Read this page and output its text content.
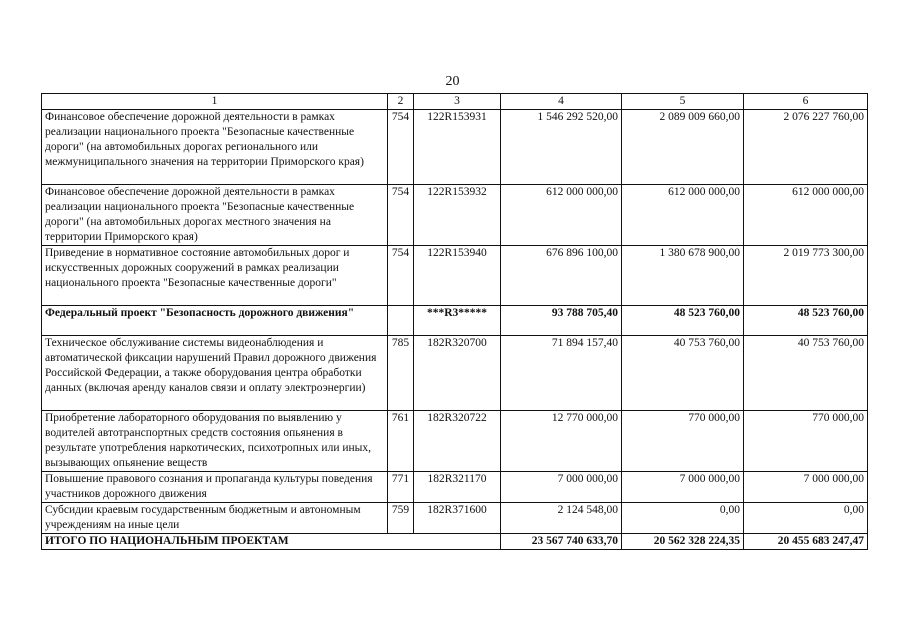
20
1	2	3	4	5	6
Финансовое обеспечение дорожной деятельности в рамках реализации национального проекта "Безопасные качественные дороги" (на автомобильных дорогах регионального или межмуниципального значения на территории Приморского края)	754	122R153931	1 546 292 520,00	2 089 009 660,00	2 076 227 760,00
Финансовое обеспечение дорожной деятельности в рамках реализации национального проекта "Безопасные качественные дороги" (на автомобильных дорогах местного значения на территории Приморского края)	754	122R153932	612 000 000,00	612 000 000,00	612 000 000,00
Приведение в нормативное состояние автомобильных дорог и искусственных дорожных сооружений в рамках реализации национального проекта "Безопасные качественные дороги"	754	122R153940	676 896 100,00	1 380 678 900,00	2 019 773 300,00
Федеральный проект "Безопасность дорожного движения"		***R3*****	93 788 705,40	48 523 760,00	48 523 760,00
Техническое обслуживание системы видеонаблюдения и автоматической фиксации нарушений Правил дорожного движения Российской Федерации, а также оборудования центра обработки данных (включая аренду каналов связи и оплату электроэнергии)	785	182R320700	71 894 157,40	40 753 760,00	40 753 760,00
Приобретение лабораторного оборудования по выявлению у водителей автотранспортных средств состояния опьянения в результате употребления наркотических, психотропных или иных, вызывающих опьянение веществ	761	182R320722	12 770 000,00	770 000,00	770 000,00
Повышение правового сознания и пропаганда культуры поведения участников дорожного движения	771	182R321170	7 000 000,00	7 000 000,00	7 000 000,00
Субсидии краевым государственным бюджетным и автономным учреждениям на иные цели	759	182R371600	2 124 548,00	0,00	0,00
ИТОГО ПО НАЦИОНАЛЬНЫМ ПРОЕКТАМ			23 567 740 633,70	20 562 328 224,35	20 455 683 247,47
